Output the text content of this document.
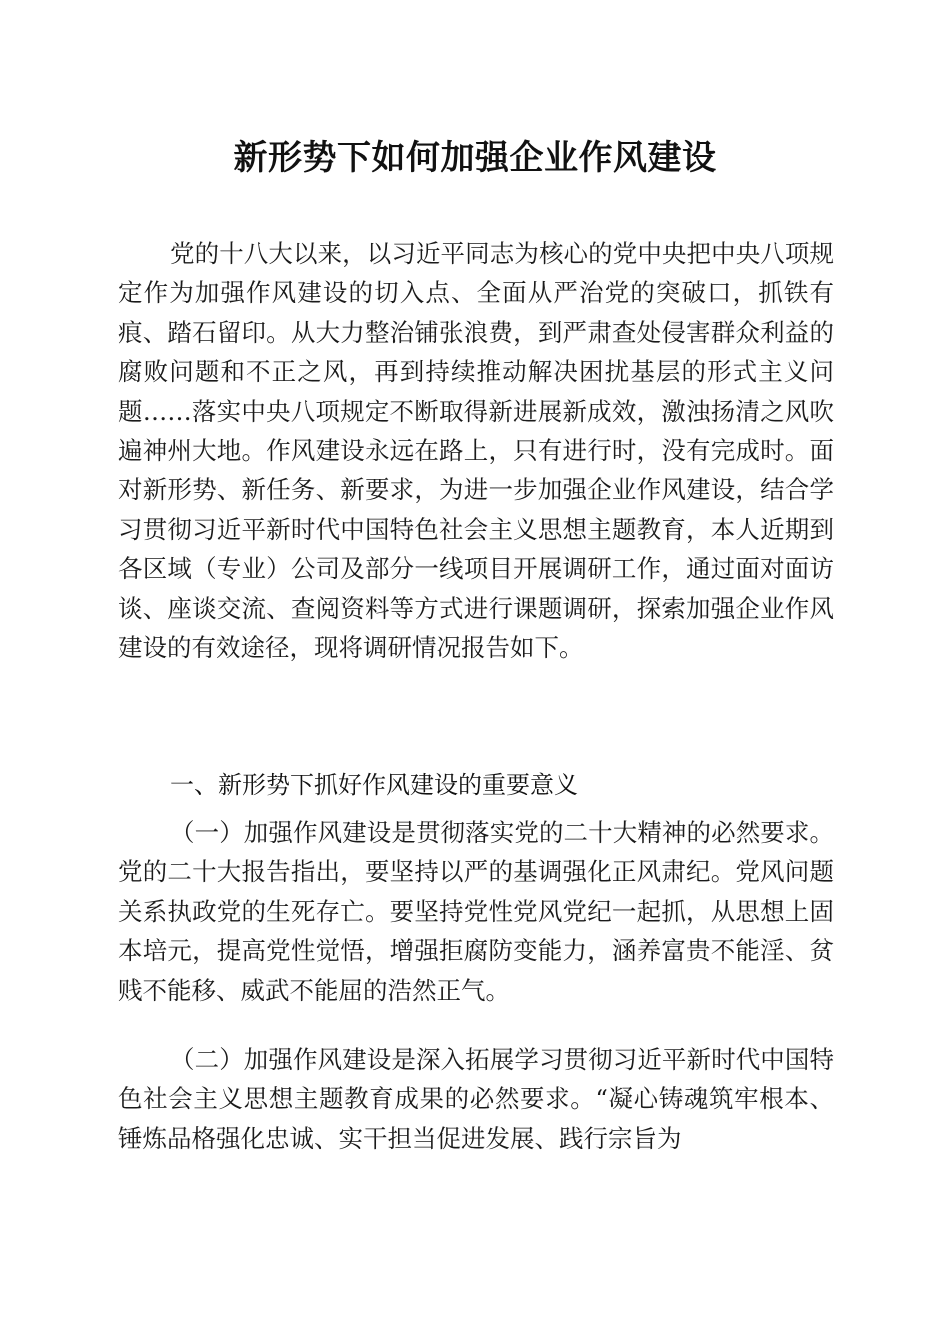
新形势下如何加强企业作风建设

党的十八大以来，以习近平同志为核心的党中央把中央八项规定作为加强作风建设的切入点、全面从严治党的突破口，抓铁有痕、踏石留印。从大力整治铺张浪费，到严肃查处侵害群众利益的腐败问题和不正之风，再到持续推动解决困扰基层的形式主义问题……落实中央八项规定不断取得新进展新成效，激浊扬清之风吹遍神州大地。作风建设永远在路上，只有进行时，没有完成时。面对新形势、新任务、新要求，为进一步加强企业作风建设，结合学习贯彻习近平新时代中国特色社会主义思想主题教育，本人近期到各区域（专业）公司及部分一线项目开展调研工作，通过面对面访谈、座谈交流、查阅资料等方式进行课题调研，探索加强企业作风建设的有效途径，现将调研情况报告如下。

一、新形势下抓好作风建设的重要意义

（一）加强作风建设是贯彻落实党的二十大精神的必然要求。党的二十大报告指出，要坚持以严的基调强化正风肃纪。党风问题关系执政党的生死存亡。要坚持党性党风党纪一起抓，从思想上固本培元，提高党性觉悟，增强拒腐防变能力，涵养富贵不能淫、贫贱不能移、威武不能屈的浩然正气。

（二）加强作风建设是深入拓展学习贯彻习近平新时代中国特色社会主义思想主题教育成果的必然要求。“凝心铸魂筑牢根本、锤炼品格强化忠诚、实干担当促进发展、践行宗旨为
